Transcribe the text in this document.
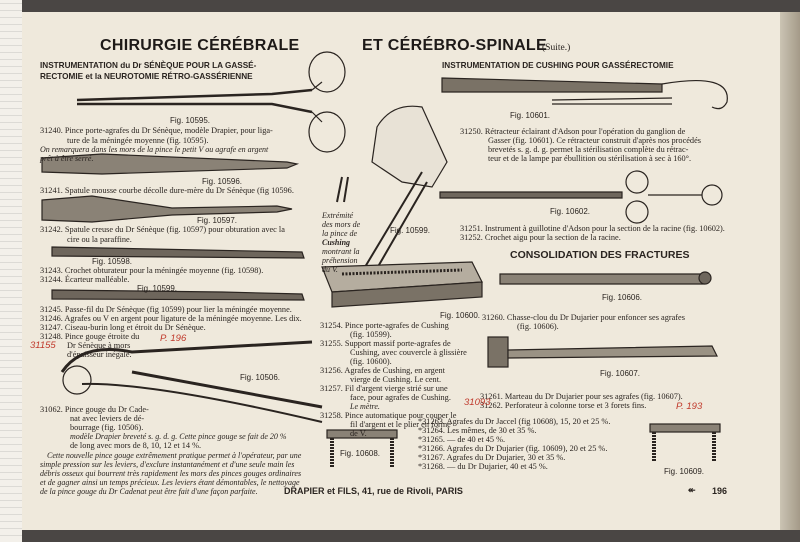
CHIRURGIE CÉRÉBRALE	ET CÉRÉBRO-SPINALE
(Suite.)
INSTRUMENTATION du Dr SÉNÈQUE POUR LA GASSÉ-
RECTOMIE et la NEUROTOMIE RÉTRO-GASSÉRIENNE
INSTRUMENTATION DE CUSHING POUR GASSÉRECTOMIE
Fig. 10595.
31240. Pince porte-agrafes du Dr Sénèque, modèle Drapier, pour liga-
ture de la méningée moyenne (fig. 10595).
On remarquera dans les mors de la pince le petit V ou agrafe en argent
prêt à être serré.
Fig. 10596.
31241. Spatule mousse courbe décolle dure-mère du Dr Sénèque (fig 10596.
Fig. 10597.
31242. Spatule creuse du Dr Sénèque (fig. 10597) pour obturation avec la
cire ou la paraffine.
Fig. 10598.
31243. Crochet obturateur pour la méningée moyenne (fig. 10598).
31244. Écarteur malléable.
Fig. 10599.
31245. Passe-fil du Dr Sénèque (fig 10599) pour lier la méningée moyenne.
31246. Agrafes ou V en argent pour ligature de la méningée moyenne. Les dix.
31247. Ciseau-burin long et étroit du Dr Sénèque.
31248. Pince gouge étroite du
Dr Sénèque à mors
d'épaisseur inégale.
31155
P. 196
Fig. 10506.
31062. Pince gouge du Dr Cade-
nat avec leviers de dé-
bourrage (fig. 10506).
modèle Drapier breveté s. g. d. g. Cette pince gouge se fait de 20 %
de long avec mors de 8, 10, 12 et 14 %.
Cette nouvelle pince gouge extrêmement pratique permet à l'opérateur, par une
simple pression sur les leviers, d'exclure instantanément et d'une seule main les
débris osseux qui bourrent très rapidement les mors des pinces gouges ordinaires
et de gagner ainsi un temps précieux. Les leviers étant démontables, le nettoyage
de la pince gouge du Dr Cadenat peut être fait d'une façon parfaite.
Extrémité
des mors de
la pince de
Cushing
montrant la
préhension
du V.
Fig. 10599.
Fig. 10600.
31254. Pince porte-agrafes de Cushing
(fig. 10599).
31255. Support massif porte-agrafes de
Cushing, avec couvercle à glissière
(fig. 10600).
31256. Agrafes de Cushing, en argent
vierge de Cushing. Le cent.
31257. Fil d'argent vierge strié sur une
face, pour agrafes de Cushing.
Le mètre.
31258. Pince automatique pour couper le
fil d'argent et le plier en forme
de V.
Fig. 10601.
31250. Rétracteur éclairant d'Adson pour l'opération du ganglion de
Gasser (fig. 10601). Ce rétracteur construit d'après nos procédés
brevetés s. g. d. g. permet la stérilisation complète du rétrac-
teur et de la lampe par ébullition ou stérilisation à sec à 160°.
Fig. 10602.
31251. Instrument à guillotine d'Adson pour la section de la racine (fig. 10602).
31252. Crochet aigu pour la section de la racine.
CONSOLIDATION DES FRACTURES
Fig. 10606.
31260. Chasse-clou du Dr Dujarier pour enfoncer ses agrafes
(fig. 10606).
Fig. 10607.
31261. Marteau du Dr Dujarier pour ses agrafes (fig. 10607).
31262. Perforateur à colonne torse et 3 forets fins.
31093	P. 193
Fig. 10608.
*31263. Agrafes du Dr Jaccel (fig 10608), 15, 20 et 25 %.
*31264. Les mêmes, de 30 et 35 %.
*31265. — de 40 et 45 %.
*31266. Agrafes du Dr Dujarier (fig. 10609), 20 et 25 %.
*31267. Agrafes du Dr Dujarier, 30 et 35 %.
*31268. — du Dr Dujarier, 40 et 45 %.
Fig. 10609.
DRAPIER et FILS, 41, rue de Rivoli, PARIS	196
↞
